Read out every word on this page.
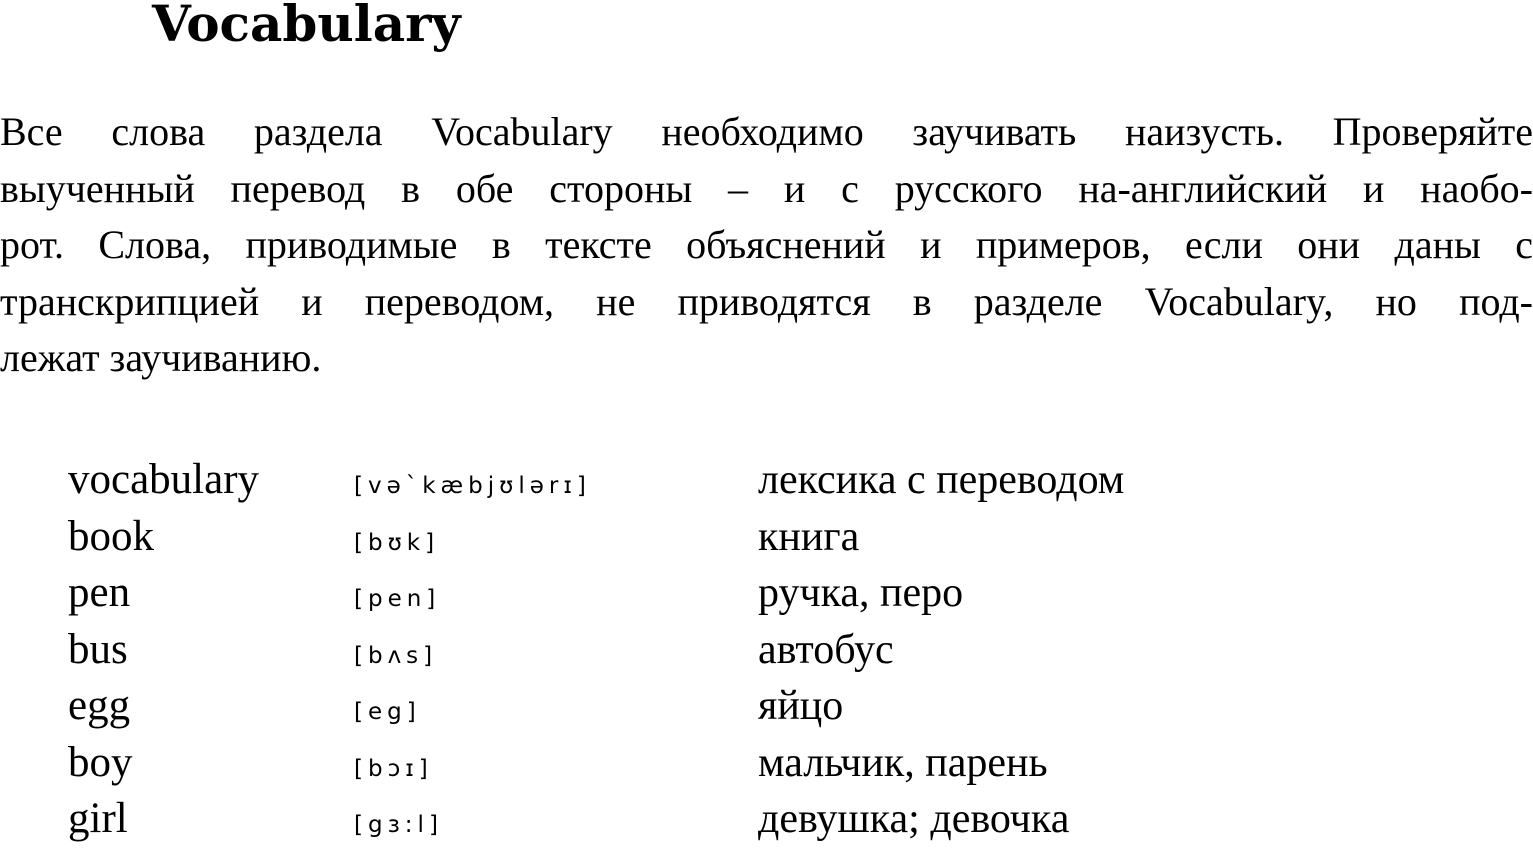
Vocabulary
Все слова раздела Vocabulary необходимо заучивать наизусть. Проверяйте
выученный перевод в обе стороны – и с русского на-английский и наобо-
рот. Слова, приводимые в тексте объяснений и примеров, если они даны с
транскрипцией и переводом, не приводятся в разделе Vocabulary, но под-
лежат заучиванию.
vocabulary	[vəˋkæbjʊlərɪ]	лексика с переводом
book	[bʊk]	книга
pen	[pen]	ручка, перо
bus	[bʌs]	автобус
egg	[eg]	яйцо
boy	[bɔɪ]	мальчик, парень
girl	[gɜ:l]	девушка; девочка
